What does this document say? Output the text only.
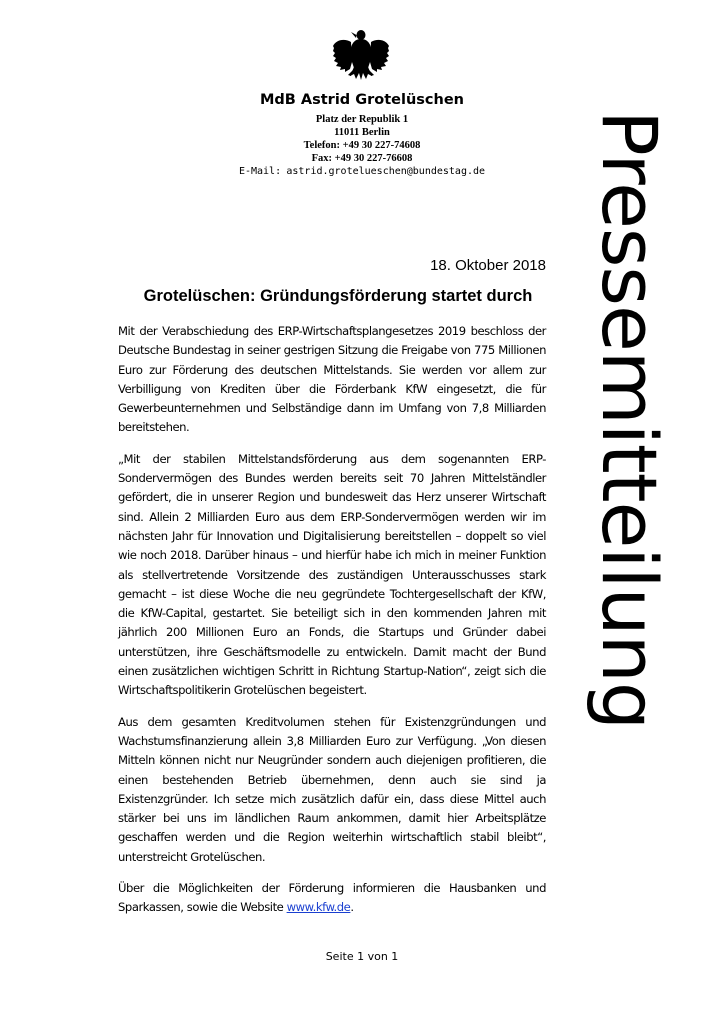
MdB Astrid Grotelüschen
Platz der Republik 1
11011 Berlin
Telefon: +49 30 227-74608
Fax: +49 30 227-76608
E-Mail: astrid.grotelueschen@bundestag.de	Pressemitteilung
18. Oktober 2018
Grotelüschen: Gründungsförderung startet durch

Mit der Verabschiedung des ERP-Wirtschaftsplangesetzes 2019 beschloss der Deutsche Bundestag in seiner gestrigen Sitzung die Freigabe von 775 Millionen Euro zur Förderung des deutschen Mittelstands. Sie werden vor allem zur Verbilligung von Krediten über die Förderbank KfW eingesetzt, die für Gewerbeunternehmen und Selbständige dann im Umfang von 7,8 Milliarden bereitstehen.

„Mit der stabilen Mittelstandsförderung aus dem sogenannten ERP-Sondervermögen des Bundes werden bereits seit 70 Jahren Mittelständler gefördert, die in unserer Region und bundesweit das Herz unserer Wirtschaft sind. Allein 2 Milliarden Euro aus dem ERP-Sondervermögen werden wir im nächsten Jahr für Innovation und Digitalisierung bereitstellen – doppelt so viel wie noch 2018. Darüber hinaus – und hierfür habe ich mich in meiner Funktion als stellvertretende Vorsitzende des zuständigen Unterausschusses stark gemacht – ist diese Woche die neu gegründete Tochtergesellschaft der KfW, die KfW-Capital, gestartet. Sie beteiligt sich in den kommenden Jahren mit jährlich 200 Millionen Euro an Fonds, die Startups und Gründer dabei unterstützen, ihre Geschäftsmodelle zu entwickeln. Damit macht der Bund einen zusätzlichen wichtigen Schritt in Richtung Startup-Nation“, zeigt sich die Wirtschaftspolitikerin Grotelüschen begeistert.

Aus dem gesamten Kreditvolumen stehen für Existenzgründungen und Wachstumsfinanzierung allein 3,8 Milliarden Euro zur Verfügung. „Von diesen Mitteln können nicht nur Neugründer sondern auch diejenigen profitieren, die einen bestehenden Betrieb übernehmen, denn auch sie sind ja Existenzgründer. Ich setze mich zusätzlich dafür ein, dass diese Mittel auch stärker bei uns im ländlichen Raum ankommen, damit hier Arbeitsplätze geschaffen werden und die Region weiterhin wirtschaftlich stabil bleibt“, unterstreicht Grotelüschen.

Über die Möglichkeiten der Förderung informieren die Hausbanken und Sparkassen, sowie die Website www.kfw.de.

Seite 1 von 1
